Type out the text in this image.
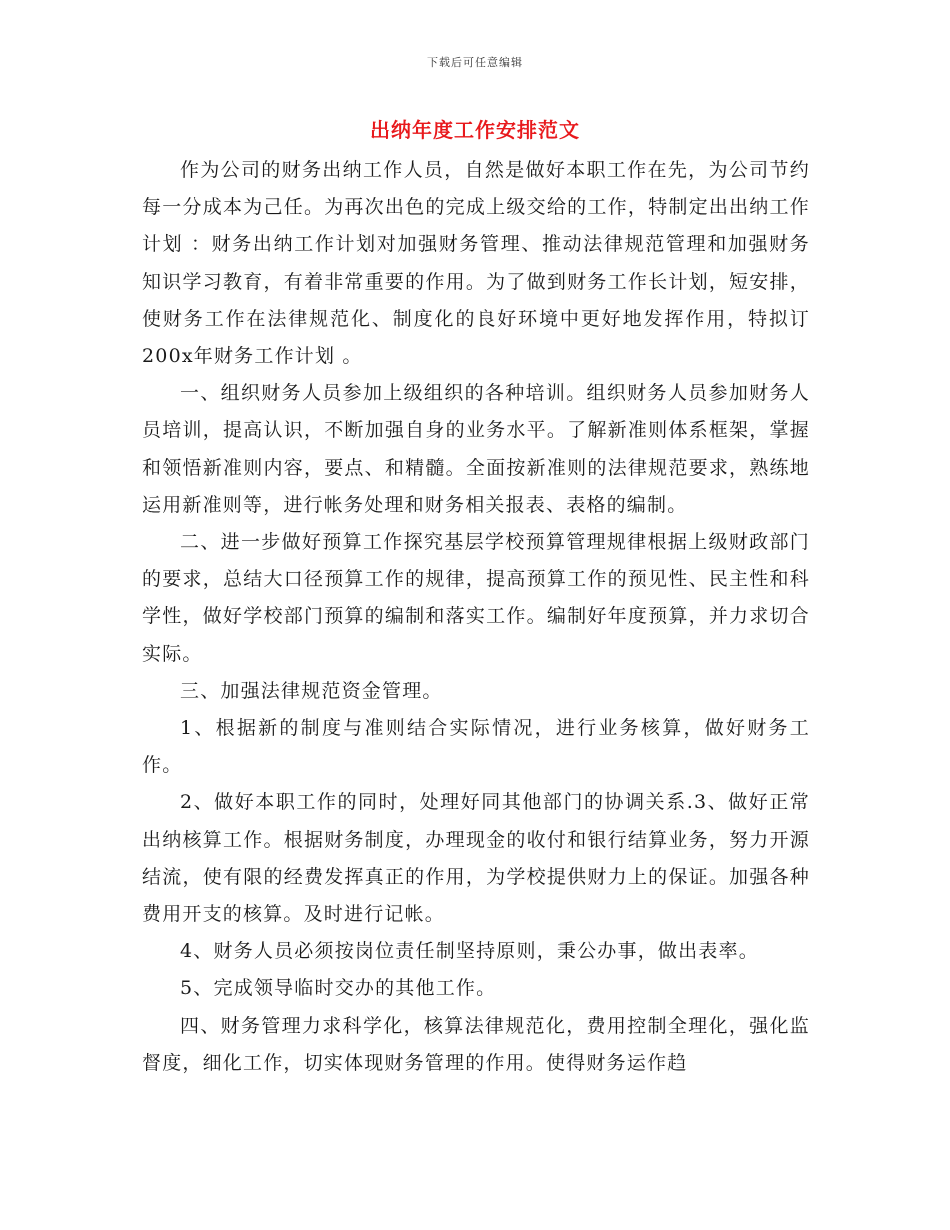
下载后可任意编辑
出纳年度工作安排范文

作为公司的财务出纳工作人员，自然是做好本职工作在先，为公司节约每一分成本为己任。为再次出色的完成上级交给的工作，特制定出出纳工作计划 ：财务出纳工作计划对加强财务管理、推动法律规范管理和加强财务知识学习教育，有着非常重要的作用。为了做到财务工作长计划，短安排，使财务工作在法律规范化、制度化的良好环境中更好地发挥作用，特拟订200x年财务工作计划 。

一、组织财务人员参加上级组织的各种培训。组织财务人员参加财务人员培训，提高认识，不断加强自身的业务水平。了解新准则体系框架，掌握和领悟新准则内容，要点、和精髓。全面按新准则的法律规范要求，熟练地运用新准则等，进行帐务处理和财务相关报表、表格的编制。

二、进一步做好预算工作探究基层学校预算管理规律根据上级财政部门的要求，总结大口径预算工作的规律，提高预算工作的预见性、民主性和科学性，做好学校部门预算的编制和落实工作。编制好年度预算，并力求切合实际。

三、加强法律规范资金管理。

1、根据新的制度与准则结合实际情况，进行业务核算，做好财务工作。

2、做好本职工作的同时，处理好同其他部门的协调关系.3、做好正常出纳核算工作。根据财务制度，办理现金的收付和银行结算业务，努力开源结流，使有限的经费发挥真正的作用，为学校提供财力上的保证。加强各种费用开支的核算。及时进行记帐。

4、财务人员必须按岗位责任制坚持原则，秉公办事，做出表率。

5、完成领导临时交办的其他工作。

四、财务管理力求科学化，核算法律规范化，费用控制全理化，强化监督度，细化工作，切实体现财务管理的作用。使得财务运作趋
